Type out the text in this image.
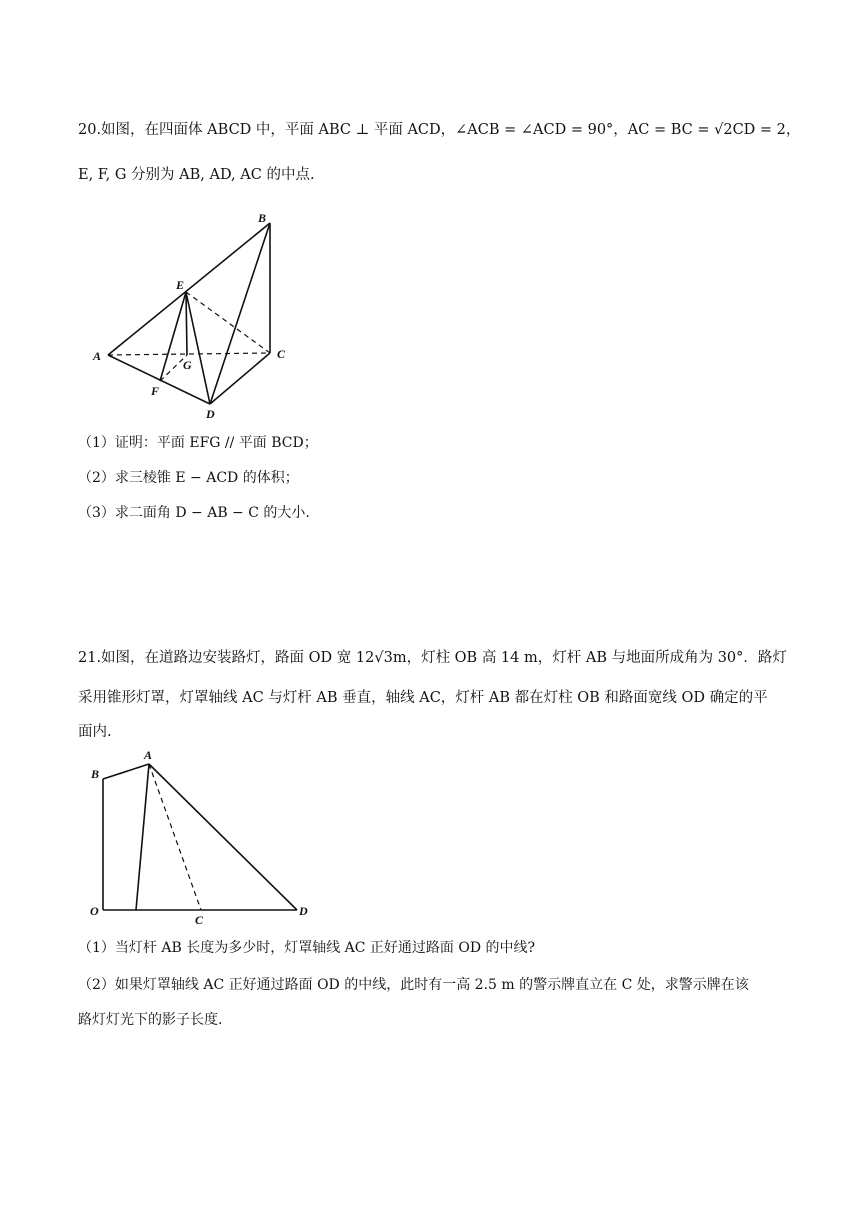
20.如图，在四面体 ABCD 中，平面 ABC ⊥ 平面 ACD，∠ACB = ∠ACD = 90°，AC = BC = √2CD = 2，
E, F, G 分别为 AB, AD, AC 的中点.
B
E
A	C
G
F
D
（1）证明：平面 EFG // 平面 BCD；
（2）求三棱锥 E − ACD 的体积；
（3）求二面角 D − AB − C 的大小.
21.如图，在道路边安装路灯，路面 OD 宽 12√3m，灯柱 OB 高 14 m，灯杆 AB 与地面所成角为 30°．路灯
采用锥形灯罩，灯罩轴线 AC 与灯杆 AB 垂直，轴线 AC，灯杆 AB 都在灯柱 OB 和路面宽线 OD 确定的平
面内.
A
B
O
C
D
（1）当灯杆 AB 长度为多少时，灯罩轴线 AC 正好通过路面 OD 的中线?
（2）如果灯罩轴线 AC 正好通过路面 OD 的中线，此时有一高 2.5 m 的警示牌直立在 C 处，求警示牌在该
路灯灯光下的影子长度.
